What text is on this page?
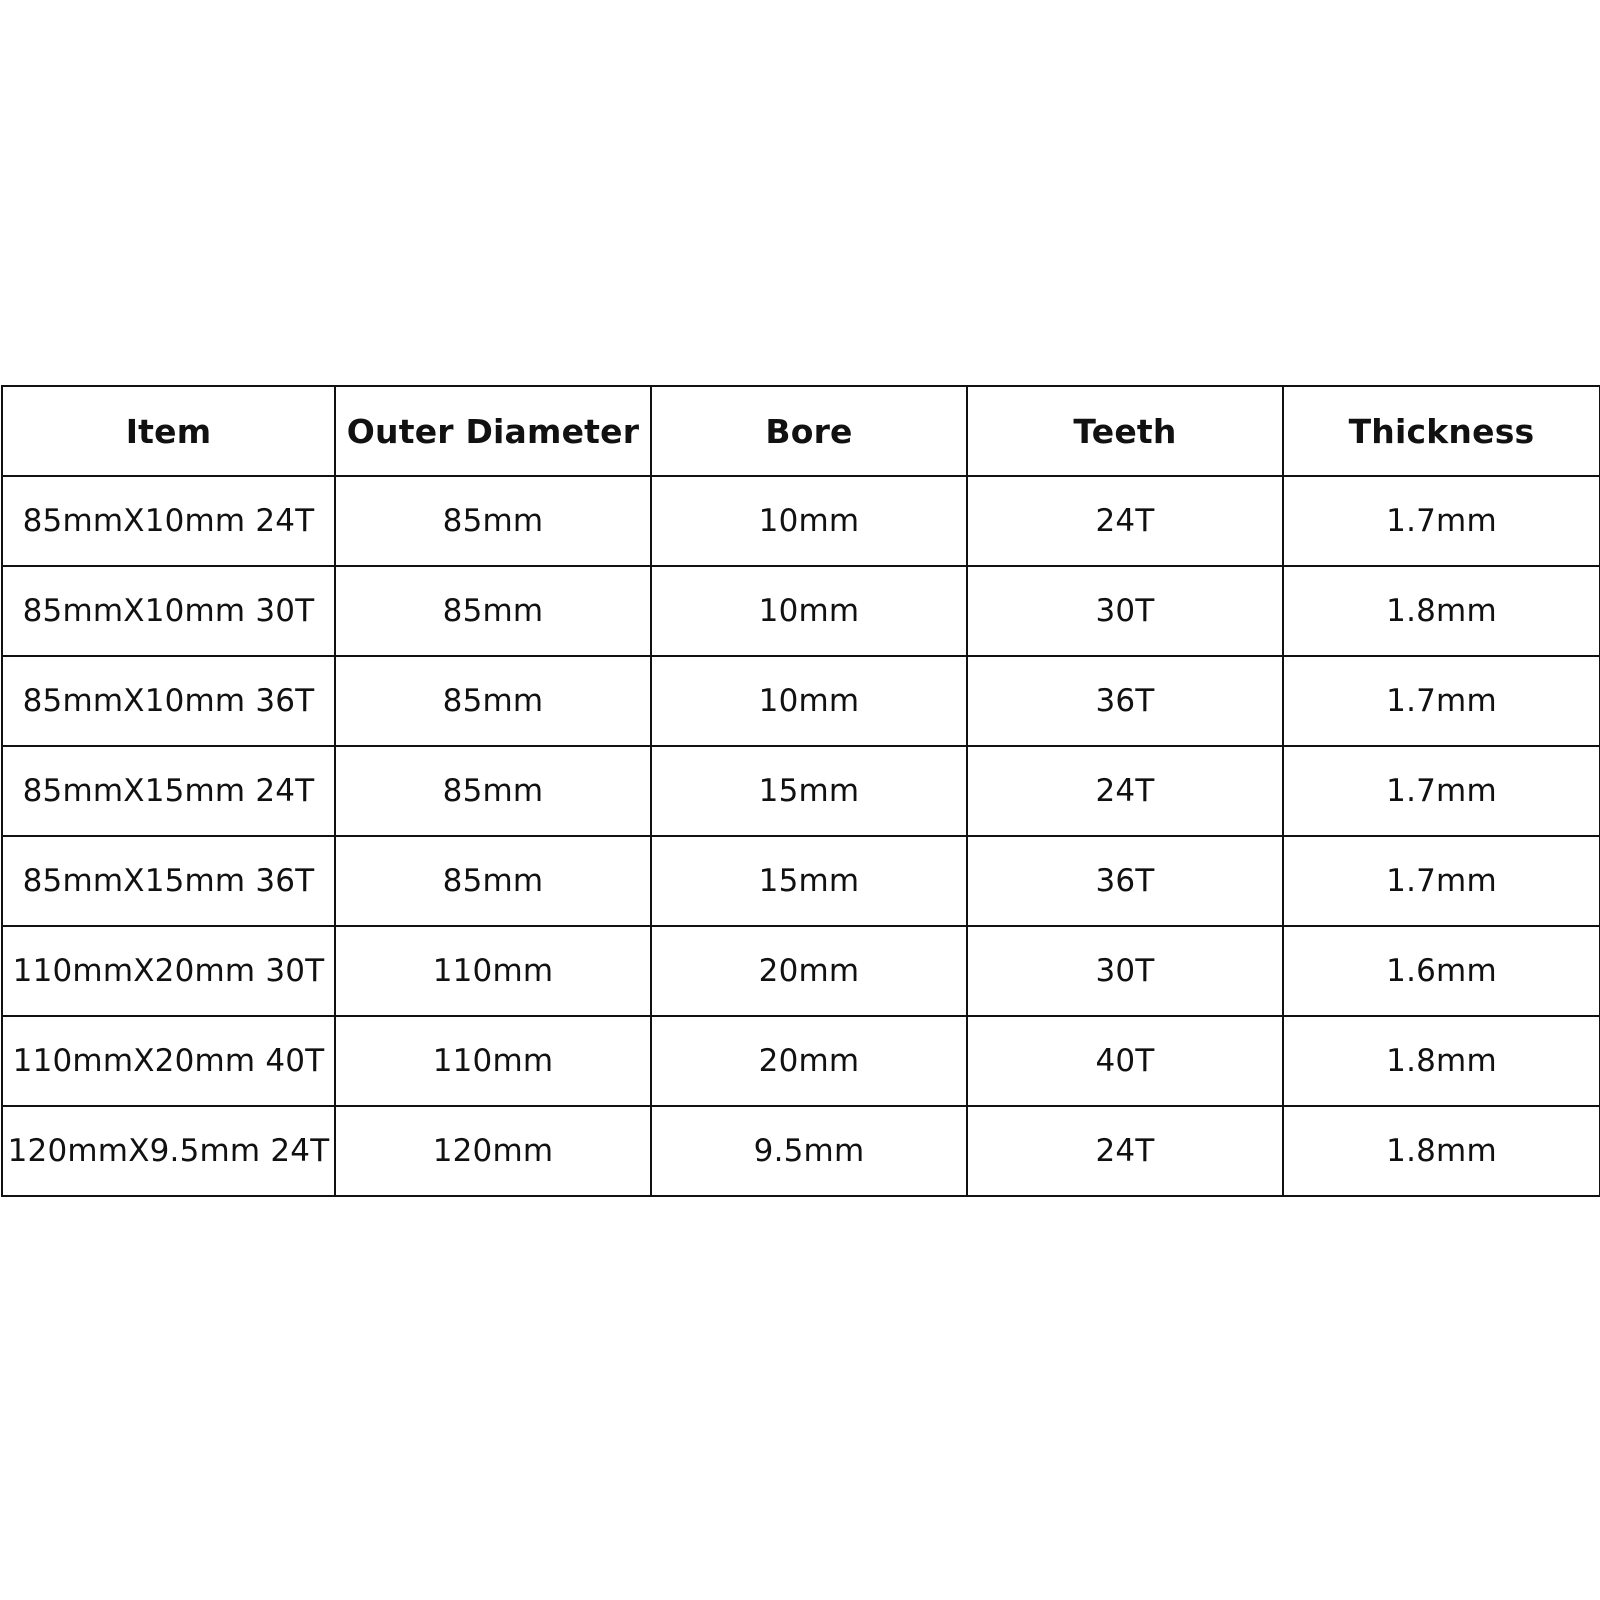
Item	Outer Diameter	Bore	Teeth	Thickness
85mmX10mm 24T	85mm	10mm	24T	1.7mm
85mmX10mm 30T	85mm	10mm	30T	1.8mm
85mmX10mm 36T	85mm	10mm	36T	1.7mm
85mmX15mm 24T	85mm	15mm	24T	1.7mm
85mmX15mm 36T	85mm	15mm	36T	1.7mm
110mmX20mm 30T	110mm	20mm	30T	1.6mm
110mmX20mm 40T	110mm	20mm	40T	1.8mm
120mmX9.5mm 24T	120mm	9.5mm	24T	1.8mm
